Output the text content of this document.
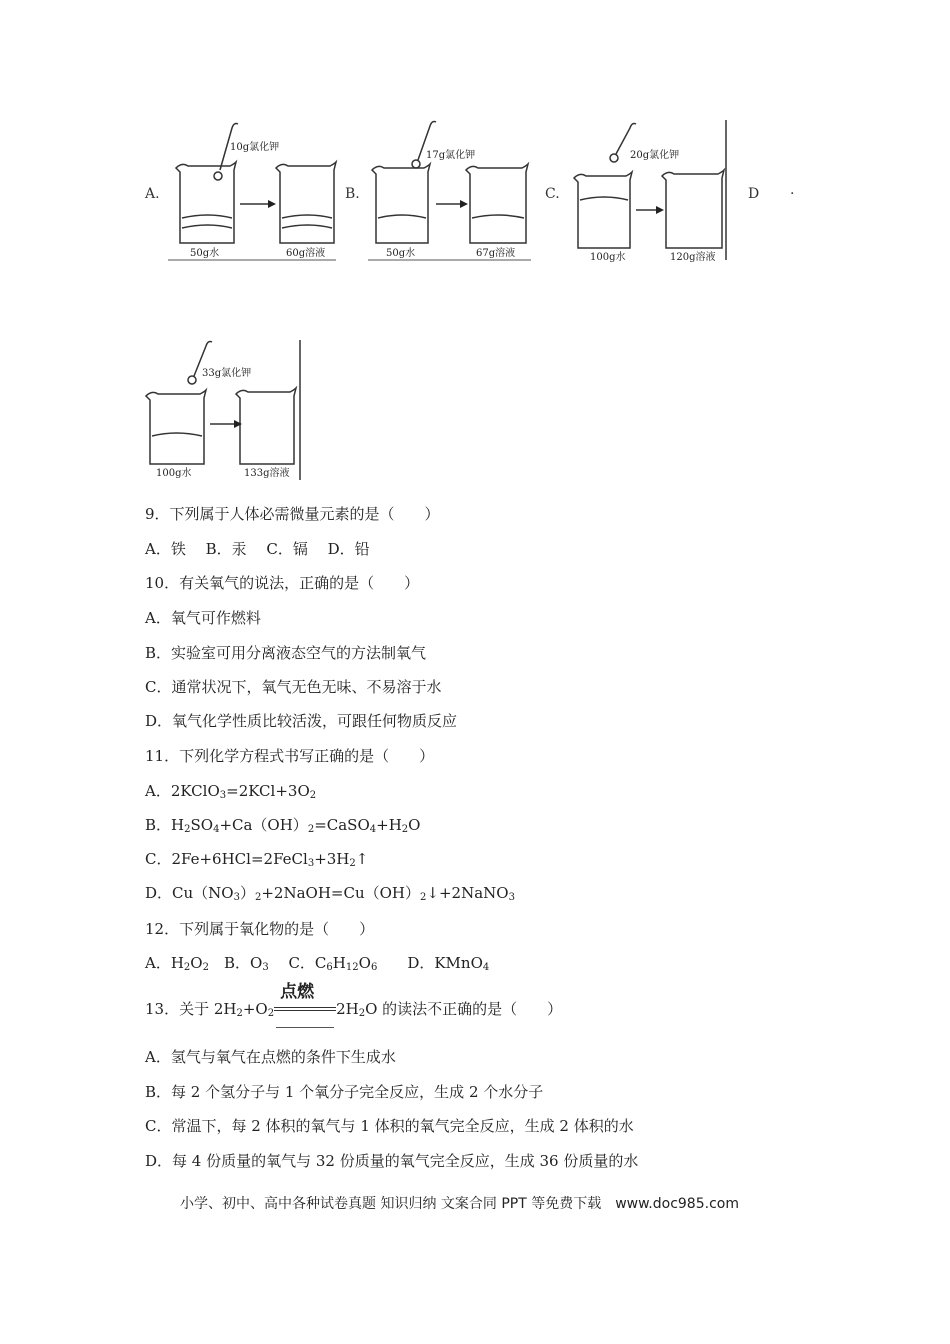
A.	B.	C.	D .
10g氯化钾
50g水	60g溶液
17g氯化钾
50g水	67g溶液
20g氯化钾
100g水	120g溶液
33g氯化钾
100g水	133g溶液
9．下列属于人体必需微量元素的是（　　）
A．铁　 B．汞　 C．镉　 D．铅
10．有关氧气的说法，正确的是（　　）
A．氧气可作燃料
B．实验室可用分离液态空气的方法制氧气
C．通常状况下，氧气无色无味、不易溶于水
D．氧气化学性质比较活泼，可跟任何物质反应
11．下列化学方程式书写正确的是（　　）
A．$2KClO_3=2KCl+3O_2$
B．$H_2SO_4+Ca(OH)_2=CaSO_4+H_2O$
C．$2Fe+6HCl=2FeCl_3+3H_2↑$
D．$Cu(NO_3)_2+2NaOH=Cu(OH)_2↓+2NaNO_3$
12．下列属于氧化物的是（　　）
A．$H_2O_2$　B．$O_3$　 C．$C_6H_{12}O_6$　　D．KMnO$_4$
13．关于 $2H_2+O_2$
点燃
$2H_2O$ 的读法不正确的是（　　）
A．氢气与氧气在点燃的条件下生成水
B．每 2 个氢分子与 1 个氧分子完全反应，生成 2 个水分子
C．常温下，每 2 体积的氧气与 1 体积的氧气完全反应，生成 2 体积的水
D．每 4 份质量的氧气与 32 份质量的氧气完全反应，生成 36 份质量的水
小学、初中、高中各种试卷真题 知识归纳 文案合同 PPT 等免费下载　www.doc985.com
